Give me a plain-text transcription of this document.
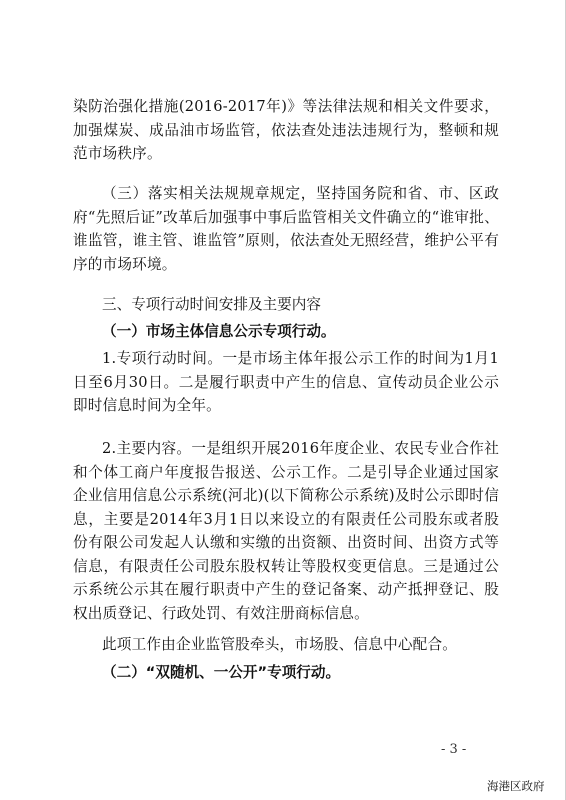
染防治强化措施(2016-2017年)》等法律法规和相关文件要求，加强煤炭、成品油市场监管，依法查处违法违规行为，整顿和规范市场秩序。
（三）落实相关法规规章规定，坚持国务院和省、市、区政府“先照后证”改革后加强事中事后监管相关文件确立的“谁审批、谁监管，谁主管、谁监管”原则，依法查处无照经营，维护公平有序的市场环境。
三、专项行动时间安排及主要内容
（一）市场主体信息公示专项行动。
1.专项行动时间。一是市场主体年报公示工作的时间为1月1日至6月30日。二是履行职责中产生的信息、宣传动员企业公示即时信息时间为全年。
2.主要内容。一是组织开展2016年度企业、农民专业合作社和个体工商户年度报告报送、公示工作。二是引导企业通过国家企业信用信息公示系统(河北)(以下简称公示系统)及时公示即时信息，主要是2014年3月1日以来设立的有限责任公司股东或者股份有限公司发起人认缴和实缴的出资额、出资时间、出资方式等信息，有限责任公司股东股权转让等股权变更信息。三是通过公示系统公示其在履行职责中产生的登记备案、动产抵押登记、股权出质登记、行政处罚、有效注册商标信息。
此项工作由企业监管股牵头，市场股、信息中心配合。
（二）“双随机、一公开”专项行动。
- 3 -
海港区政府
